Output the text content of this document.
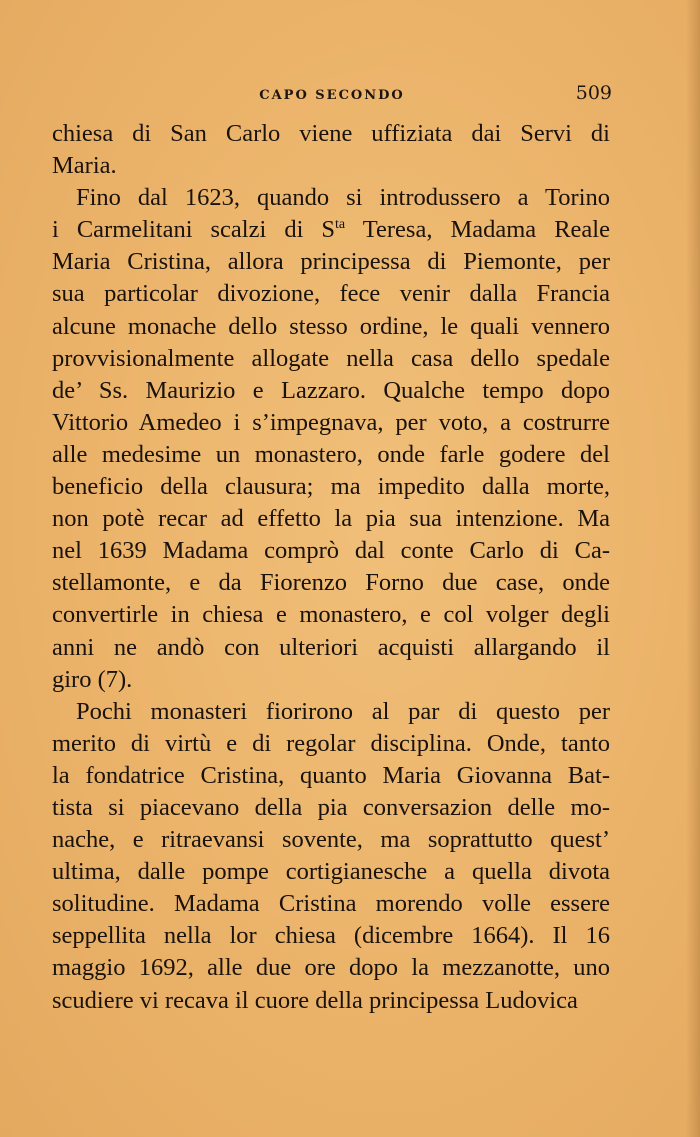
CAPO SECONDO	509
chiesa di San Carlo viene uffiziata dai Servi di
Maria.
Fino dal 1623, quando si introdussero a Torino
i Carmelitani scalzi di $S^{ta}$ Teresa, Madama Reale
Maria Cristina, allora principessa di Piemonte, per
sua particolar divozione, fece venir dalla Francia
alcune monache dello stesso ordine, le quali vennero
provvisionalmente allogate nella casa dello spedale
de’ Ss. Maurizio e Lazzaro. Qualche tempo dopo
Vittorio Amedeo i s’impegnava, per voto, a costrurre
alle medesime un monastero, onde farle godere del
beneficio della clausura; ma impedito dalla morte,
non potè recar ad effetto la pia sua intenzione. Ma
nel 1639 Madama comprò dal conte Carlo di Ca-
stellamonte, e da Fiorenzo Forno due case, onde
convertirle in chiesa e monastero, e col volger degli
anni ne andò con ulteriori acquisti allargando il
giro (7).
Pochi monasteri fiorirono al par di questo per
merito di virtù e di regolar disciplina. Onde, tanto
la fondatrice Cristina, quanto Maria Giovanna Bat-
tista si piacevano della pia conversazion delle mo-
nache, e ritraevansi sovente, ma soprattutto quest’
ultima, dalle pompe cortigianesche a quella divota
solitudine. Madama Cristina morendo volle essere
seppellita nella lor chiesa (dicembre 1664). Il 16
maggio 1692, alle due ore dopo la mezzanotte, uno
scudiere vi recava il cuore della principessa Ludovica
